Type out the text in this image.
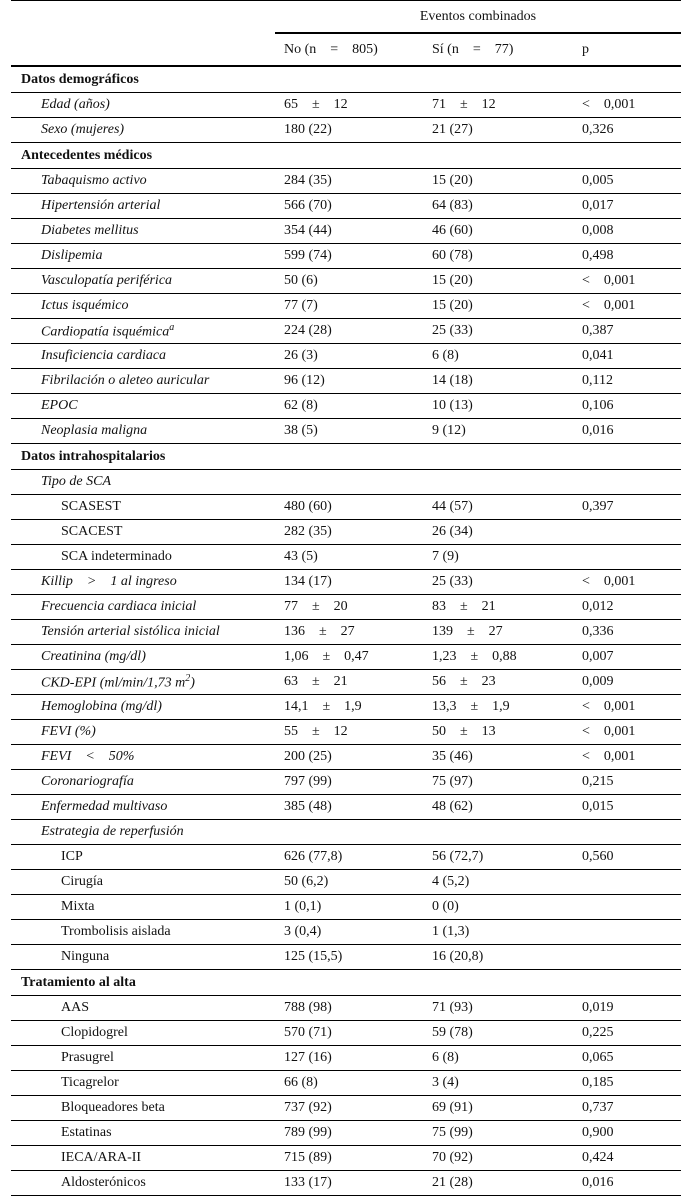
	Eventos combinados		
	No (n = 805)	Sí (n = 77)	p
Datos demográficos			
Edad (años)	65 ± 12	71 ± 12	< 0,001
Sexo (mujeres)	180 (22)	21 (27)	0,326
Antecedentes médicos			
Tabaquismo activo	284 (35)	15 (20)	0,005
Hipertensión arterial	566 (70)	64 (83)	0,017
Diabetes mellitus	354 (44)	46 (60)	0,008
Dislipemia	599 (74)	60 (78)	0,498
Vasculopatía periférica	50 (6)	15 (20)	< 0,001
Ictus isquémico	77 (7)	15 (20)	< 0,001
Cardiopatía isquémica$^a$	224 (28)	25 (33)	0,387
Insuficiencia cardiaca	26 (3)	6 (8)	0,041
Fibrilación o aleteo auricular	96 (12)	14 (18)	0,112
EPOC	62 (8)	10 (13)	0,106
Neoplasia maligna	38 (5)	9 (12)	0,016
Datos intrahospitalarios			
Tipo de SCA			
SCASEST	480 (60)	44 (57)	0,397
SCACEST	282 (35)	26 (34)	
SCA indeterminado	43 (5)	7 (9)	
Killip > 1 al ingreso	134 (17)	25 (33)	< 0,001
Frecuencia cardiaca inicial	77 ± 20	83 ± 21	0,012
Tensión arterial sistólica inicial	136 ± 27	139 ± 27	0,336
Creatinina (mg/dl)	1,06 ± 0,47	1,23 ± 0,88	0,007
CKD-EPI (ml/min/1,73 $m^2$)	63 ± 21	56 ± 23	0,009
Hemoglobina (mg/dl)	14,1 ± 1,9	13,3 ± 1,9	< 0,001
FEVI (%)	55 ± 12	50 ± 13	< 0,001
FEVI < 50%	200 (25)	35 (46)	< 0,001
Coronariografía	797 (99)	75 (97)	0,215
Enfermedad multivaso	385 (48)	48 (62)	0,015
Estrategia de reperfusión			
ICP	626 (77,8)	56 (72,7)	0,560
Cirugía	50 (6,2)	4 (5,2)	
Mixta	1 (0,1)	0 (0)	
Trombolisis aislada	3 (0,4)	1 (1,3)	
Ninguna	125 (15,5)	16 (20,8)	
Tratamiento al alta			
AAS	788 (98)	71 (93)	0,019
Clopidogrel	570 (71)	59 (78)	0,225
Prasugrel	127 (16)	6 (8)	0,065
Ticagrelor	66 (8)	3 (4)	0,185
Bloqueadores beta	737 (92)	69 (91)	0,737
Estatinas	789 (99)	75 (99)	0,900
IECA/ARA-II	715 (89)	70 (92)	0,424
Aldosterónicos	133 (17)	21 (28)	0,016
